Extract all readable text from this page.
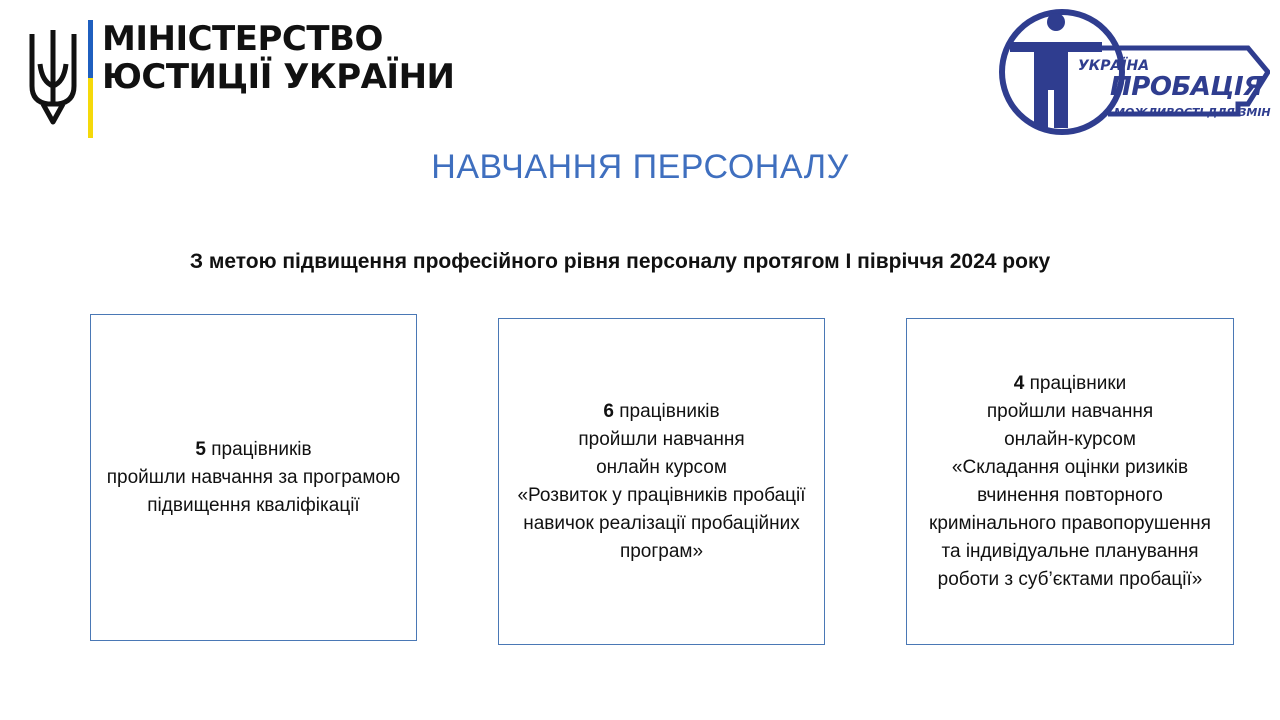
МІНІСТЕРСТВО
ЮСТИЦІЇ УКРАЇНИ	УКРАЇНА
ПРОБАЦІЯ
МОЖЛИВОСТІ ДЛЯ ЗМІН
НАВЧАННЯ ПЕРСОНАЛУ
З метою підвищення професійного рівня персоналу протягом І півріччя 2024 року
5 працівників
пройшли навчання за програмою підвищення кваліфікації
6 працівників
пройшли навчання
онлайн курсом
«Розвиток у працівників пробації навичок реалізації пробаційних програм»
4 працівники
пройшли навчання
онлайн-курсом
«Складання оцінки ризиків вчинення повторного кримінального правопорушення та індивідуальне планування роботи з суб’єктами пробації»
